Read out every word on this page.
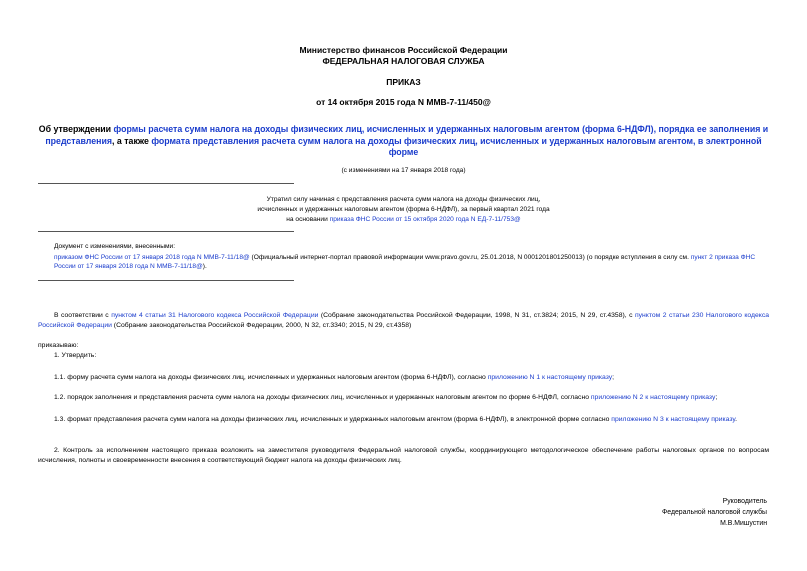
Министерство финансов Российской Федерации
ФЕДЕРАЛЬНАЯ НАЛОГОВАЯ СЛУЖБА
ПРИКАЗ
от 14 октября 2015 года N ММВ-7-11/450@
Об утверждении формы расчета сумм налога на доходы физических лиц, исчисленных и удержанных налоговым агентом (форма 6-НДФЛ), порядка ее заполнения и представления, а также формата представления расчета сумм налога на доходы физических лиц, исчисленных и удержанных налоговым агентом, в электронной форме
(с изменениями на 17 января 2018 года)
Утратил силу начиная с представления расчета сумм налога на доходы физических лиц,
исчисленных и удержанных налоговым агентом (форма 6-НДФЛ), за первый квартал 2021 года
на основании приказа ФНС России от 15 октября 2020 года N ЕД-7-11/753@
Документ с изменениями, внесенными:
приказом ФНС России от 17 января 2018 года N ММВ-7-11/18@ (Официальный интернет-портал правовой информации www.pravo.gov.ru, 25.01.2018, N 0001201801250013) (о порядке вступления в силу см. пункт 2 приказа ФНС России от 17 января 2018 года N ММВ-7-11/18@).
В соответствии с пунктом 4 статьи 31 Налогового кодекса Российской Федерации (Собрание законодательства Российской Федерации, 1998, N 31, ст.3824; 2015, N 29, ст.4358), с пунктом 2 статьи 230 Налогового кодекса Российской Федерации (Собрание законодательства Российской Федерации, 2000, N 32, ст.3340; 2015, N 29, ст.4358)
приказываю:
1. Утвердить:
1.1. форму расчета сумм налога на доходы физических лиц, исчисленных и удержанных налоговым агентом (форма 6-НДФЛ), согласно приложению N 1 к настоящему приказу;
1.2. порядок заполнения и представления расчета сумм налога на доходы физических лиц, исчисленных и удержанных налоговым агентом по форме 6-НДФЛ, согласно приложению N 2 к настоящему приказу;
1.3. формат представления расчета сумм налога на доходы физических лиц, исчисленных и удержанных налоговым агентом (форма 6-НДФЛ), в электронной форме согласно приложению N 3 к настоящему приказу.
2. Контроль за исполнением настоящего приказа возложить на заместителя руководителя Федеральной налоговой службы, координирующего методологическое обеспечение работы налоговых органов по вопросам исчисления, полноты и своевременности внесения в соответствующий бюджет налога на доходы физических лиц.
Руководитель
Федеральной налоговой службы
М.В.Мишустин
